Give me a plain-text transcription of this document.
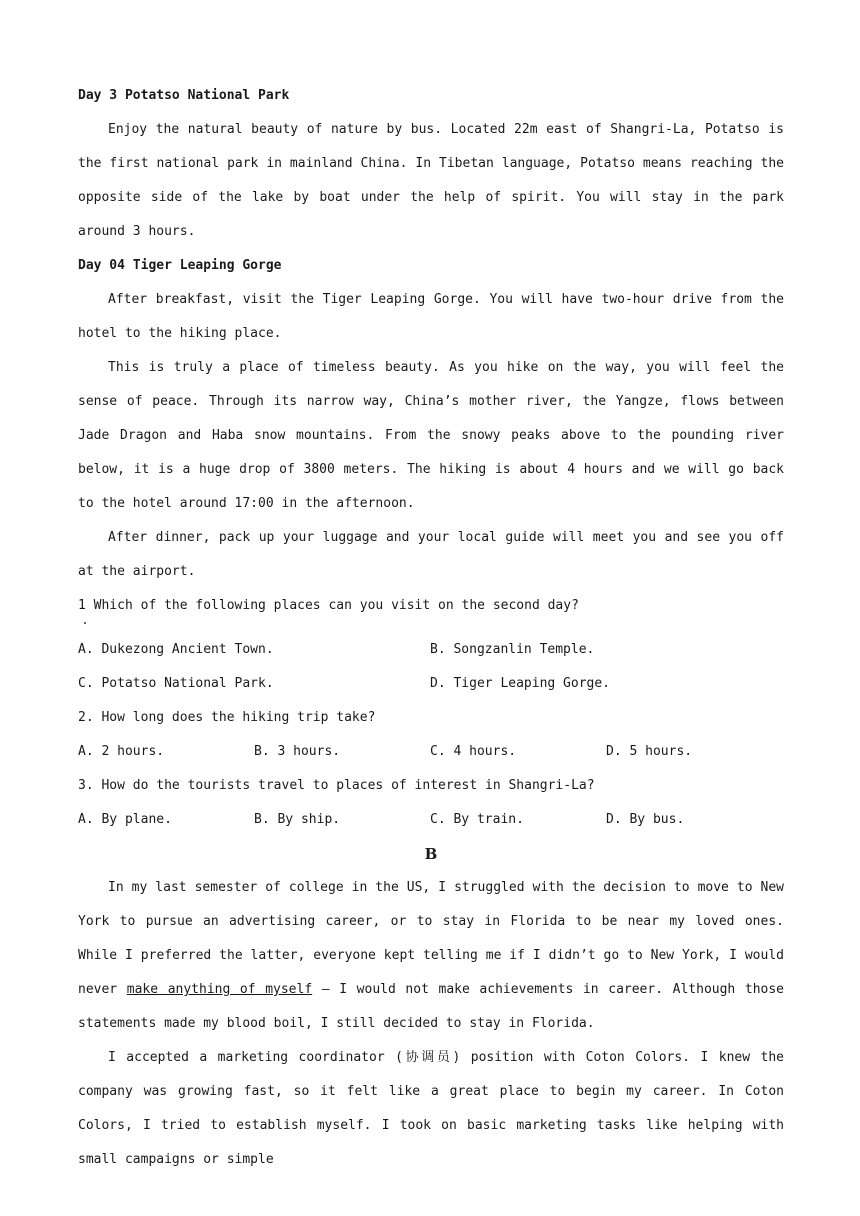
Day 3 Potatso National Park

Enjoy the natural beauty of nature by bus. Located 22m east of Shangri-La, Potatso is the first national park in mainland China. In Tibetan language, Potatso means reaching the opposite side of the lake by boat under the help of spirit. You will stay in the park around 3 hours.

Day 04 Tiger Leaping Gorge

After breakfast, visit the Tiger Leaping Gorge. You will have two-hour drive from the hotel to the hiking place.

This is truly a place of timeless beauty. As you hike on the way, you will feel the sense of peace. Through its narrow way, China’s mother river, the Yangze, flows between Jade Dragon and Haba snow mountains. From the snowy peaks above to the pounding river below, it is a huge drop of 3800 meters. The hiking is about 4 hours and we will go back to the hotel around 17:00 in the afternoon.

After dinner, pack up your luggage and your local guide will meet you and see you off at the airport.

1 Which of the following places can you visit on the second day?
A. Dukezong Ancient Town.	B. Songzanlin Temple.
C. Potatso National Park.	D. Tiger Leaping Gorge.
2. How long does the hiking trip take?
A. 2 hours.	B. 3 hours.	C. 4 hours.	D. 5 hours.
3. How do the tourists travel to places of interest in Shangri-La?
A. By plane.	B. By ship.	C. By train.	D. By bus.
B

In my last semester of college in the US, I struggled with the decision to move to New York to pursue an advertising career, or to stay in Florida to be near my loved ones. While I preferred the latter, everyone kept telling me if I didn’t go to New York, I would never make anything of myself — I would not make achievements in career. Although those statements made my blood boil, I still decided to stay in Florida.

I accepted a marketing coordinator (协调员) position with Coton Colors. I knew the company was growing fast, so it felt like a great place to begin my career. In Coton Colors, I tried to establish myself. I took on basic marketing tasks like helping with small campaigns or simple
